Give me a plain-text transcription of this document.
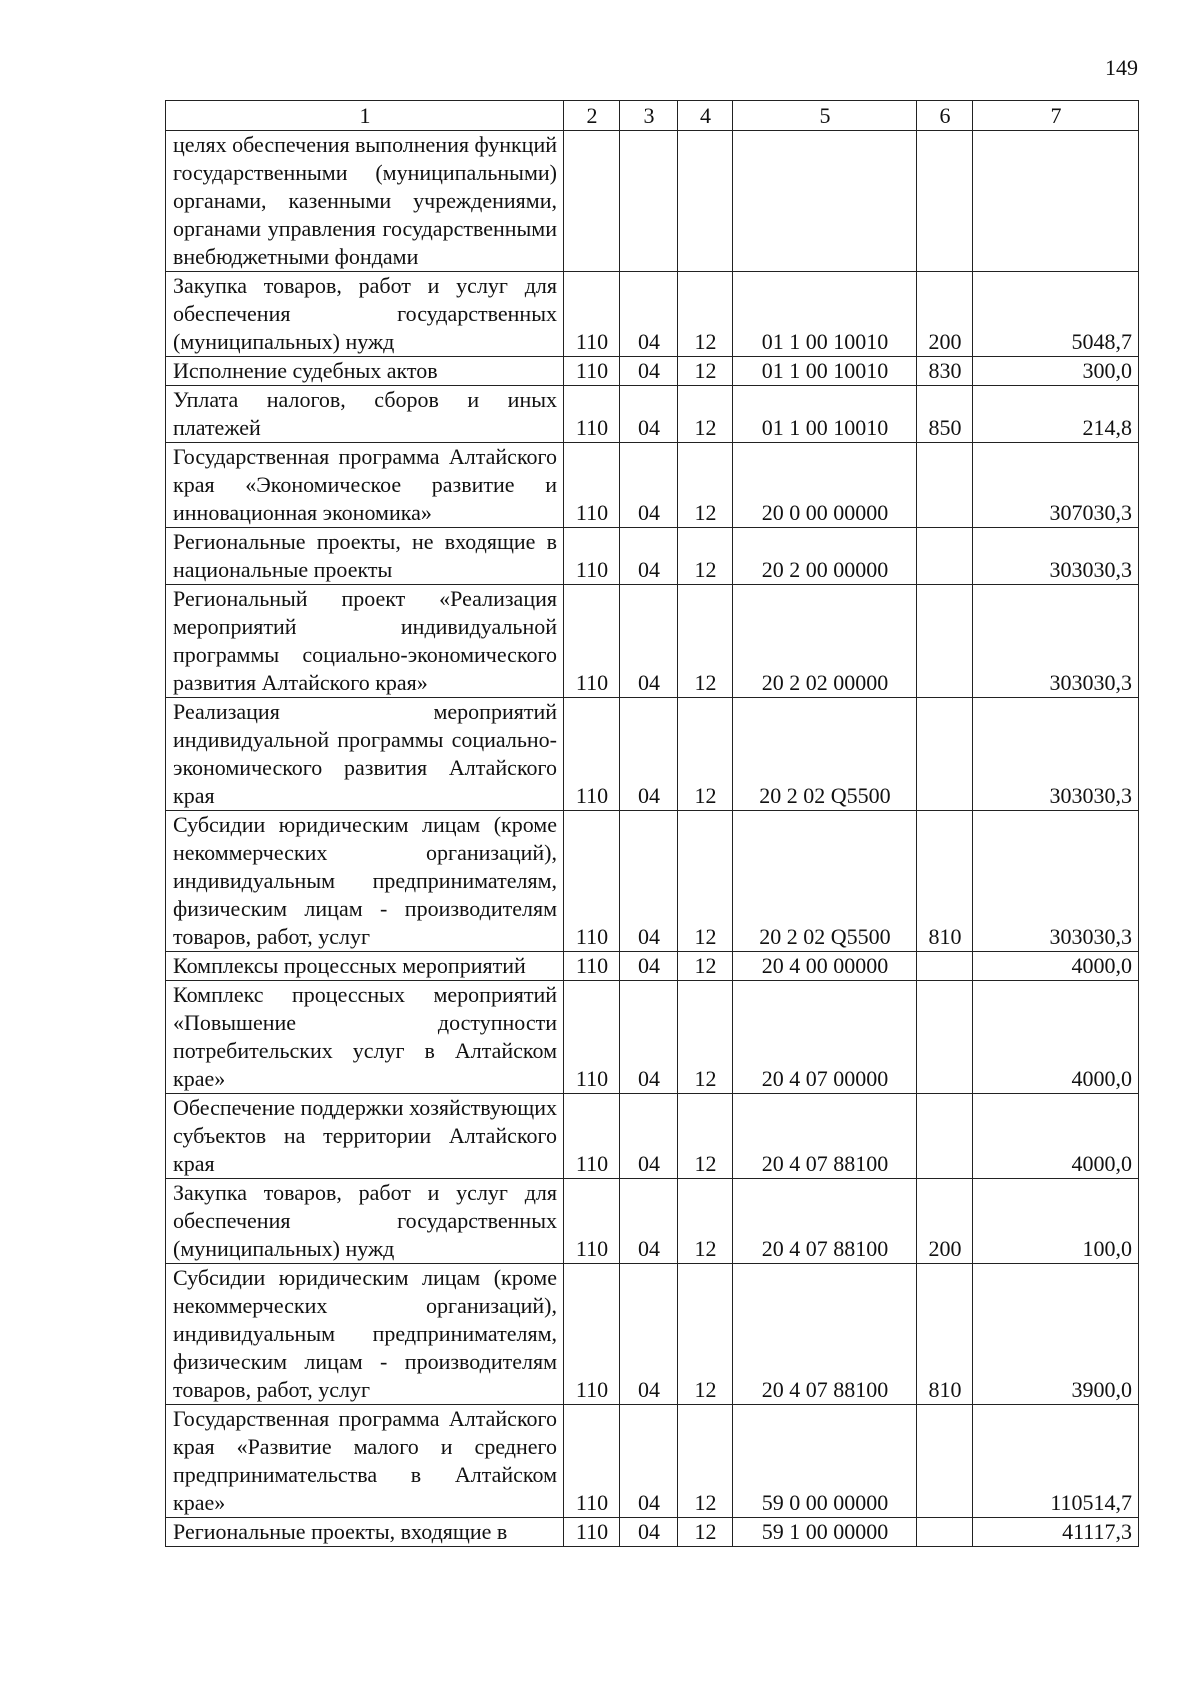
149
1	2	3	4	5	6	7
целях обеспечения выполнения функций государственными (муниципальными) органами, казенными учреждениями, органами управления государственными внебюджетными фондами						
Закупка товаров, работ и услуг для обеспечения государственных (муниципальных) нужд	110	04	12	01 1 00 10010	200	5048,7
Исполнение судебных актов	110	04	12	01 1 00 10010	830	300,0
Уплата налогов, сборов и иных платежей	110	04	12	01 1 00 10010	850	214,8
Государственная программа Алтайского края «Экономическое развитие и инновационная экономика»	110	04	12	20 0 00 00000		307030,3
Региональные проекты, не входящие в национальные проекты	110	04	12	20 2 00 00000		303030,3
Региональный проект «Реализация мероприятий индивидуальной программы социально-экономического развития Алтайского края»	110	04	12	20 2 02 00000		303030,3
Реализация мероприятий индивидуальной программы социально-экономического развития Алтайского края	110	04	12	20 2 02 Q5500		303030,3
Субсидии юридическим лицам (кроме некоммерческих организаций), индивидуальным предпринимателям, физическим лицам - производителям товаров, работ, услуг	110	04	12	20 2 02 Q5500	810	303030,3
Комплексы процессных мероприятий	110	04	12	20 4 00 00000		4000,0
Комплекс процессных мероприятий «Повышение доступности потребительских услуг в Алтайском крае»	110	04	12	20 4 07 00000		4000,0
Обеспечение поддержки хозяйствующих субъектов на территории Алтайского края	110	04	12	20 4 07 88100		4000,0
Закупка товаров, работ и услуг для обеспечения государственных (муниципальных) нужд	110	04	12	20 4 07 88100	200	100,0
Субсидии юридическим лицам (кроме некоммерческих организаций), индивидуальным предпринимателям, физическим лицам - производителям товаров, работ, услуг	110	04	12	20 4 07 88100	810	3900,0
Государственная программа Алтайского края «Развитие малого и среднего предпринимательства в Алтайском крае»	110	04	12	59 0 00 00000		110514,7
Региональные проекты, входящие в	110	04	12	59 1 00 00000		41117,3
